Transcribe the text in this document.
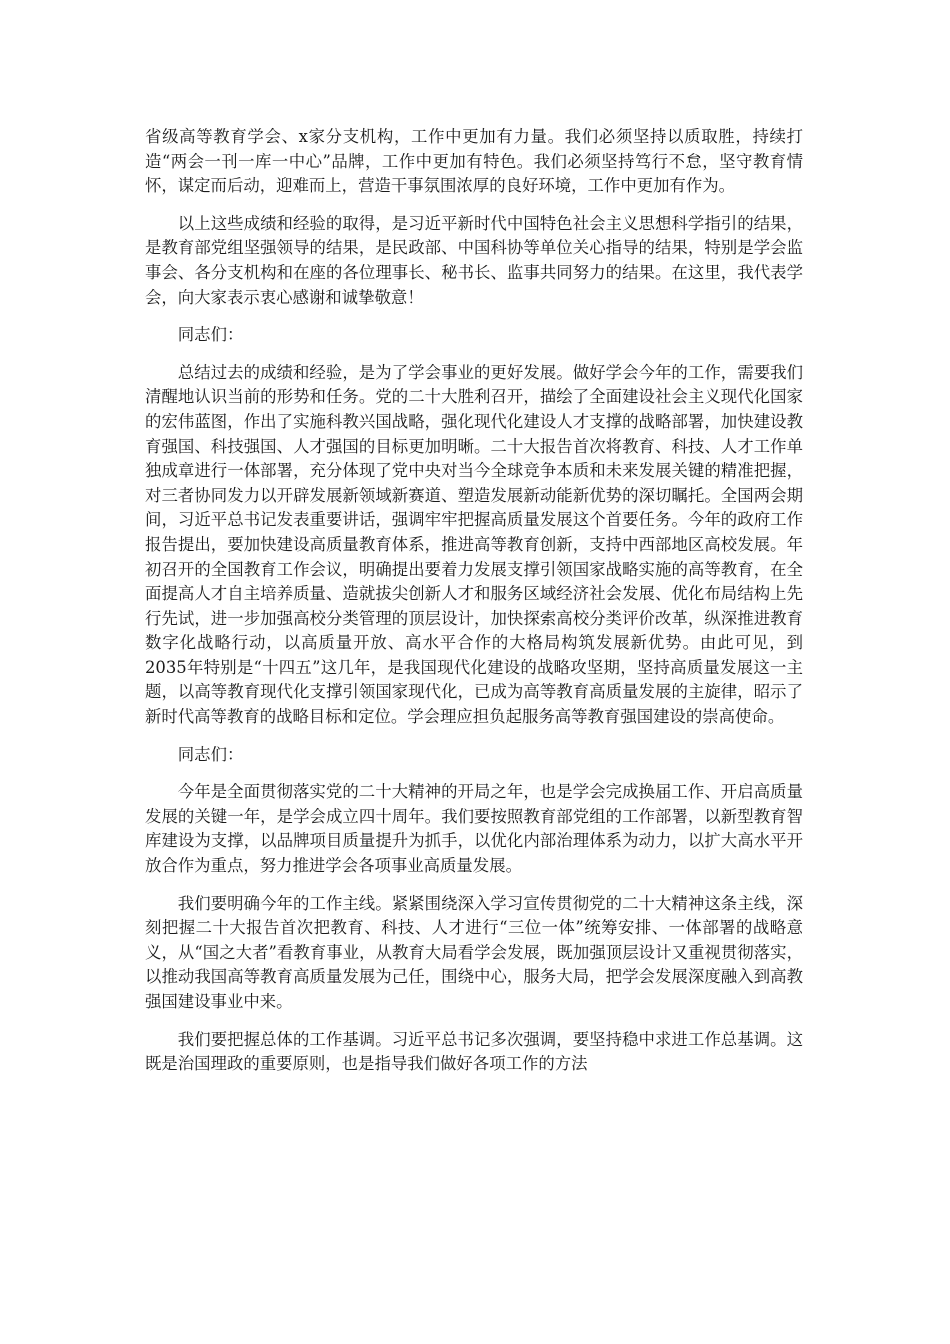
省级高等教育学会、x家分支机构，工作中更加有力量。我们必须坚持以质取胜，持续打造“两会一刊一库一中心”品牌，工作中更加有特色。我们必须坚持笃行不怠，坚守教育情怀，谋定而后动，迎难而上，营造干事氛围浓厚的良好环境，工作中更加有作为。

以上这些成绩和经验的取得，是习近平新时代中国特色社会主义思想科学指引的结果，是教育部党组坚强领导的结果，是民政部、中国科协等单位关心指导的结果，特别是学会监事会、各分支机构和在座的各位理事长、秘书长、监事共同努力的结果。在这里，我代表学会，向大家表示衷心感谢和诚挚敬意！

同志们：

总结过去的成绩和经验，是为了学会事业的更好发展。做好学会今年的工作，需要我们清醒地认识当前的形势和任务。党的二十大胜利召开，描绘了全面建设社会主义现代化国家的宏伟蓝图，作出了实施科教兴国战略，强化现代化建设人才支撑的战略部署，加快建设教育强国、科技强国、人才强国的目标更加明晰。二十大报告首次将教育、科技、人才工作单独成章进行一体部署，充分体现了党中央对当今全球竞争本质和未来发展关键的精准把握，对三者协同发力以开辟发展新领域新赛道、塑造发展新动能新优势的深切瞩托。全国两会期间，习近平总书记发表重要讲话，强调牢牢把握高质量发展这个首要任务。今年的政府工作报告提出，要加快建设高质量教育体系，推进高等教育创新，支持中西部地区高校发展。年初召开的全国教育工作会议，明确提出要着力发展支撑引领国家战略实施的高等教育，在全面提高人才自主培养质量、造就拔尖创新人才和服务区域经济社会发展、优化布局结构上先行先试，进一步加强高校分类管理的顶层设计，加快探索高校分类评价改革，纵深推进教育数字化战略行动，以高质量开放、高水平合作的大格局构筑发展新优势。由此可见，到2035年特别是“十四五”这几年，是我国现代化建设的战略攻坚期，坚持高质量发展这一主题，以高等教育现代化支撑引领国家现代化，已成为高等教育高质量发展的主旋律，昭示了新时代高等教育的战略目标和定位。学会理应担负起服务高等教育强国建设的崇高使命。

同志们：

今年是全面贯彻落实党的二十大精神的开局之年，也是学会完成换届工作、开启高质量发展的关键一年，是学会成立四十周年。我们要按照教育部党组的工作部署，以新型教育智库建设为支撑，以品牌项目质量提升为抓手，以优化内部治理体系为动力，以扩大高水平开放合作为重点，努力推进学会各项事业高质量发展。

我们要明确今年的工作主线。紧紧围绕深入学习宣传贯彻党的二十大精神这条主线，深刻把握二十大报告首次把教育、科技、人才进行“三位一体”统筹安排、一体部署的战略意义，从“国之大者”看教育事业，从教育大局看学会发展，既加强顶层设计又重视贯彻落实，以推动我国高等教育高质量发展为己任，围绕中心，服务大局，把学会发展深度融入到高教强国建设事业中来。

我们要把握总体的工作基调。习近平总书记多次强调，要坚持稳中求进工作总基调。这既是治国理政的重要原则，也是指导我们做好各项工作的方法
